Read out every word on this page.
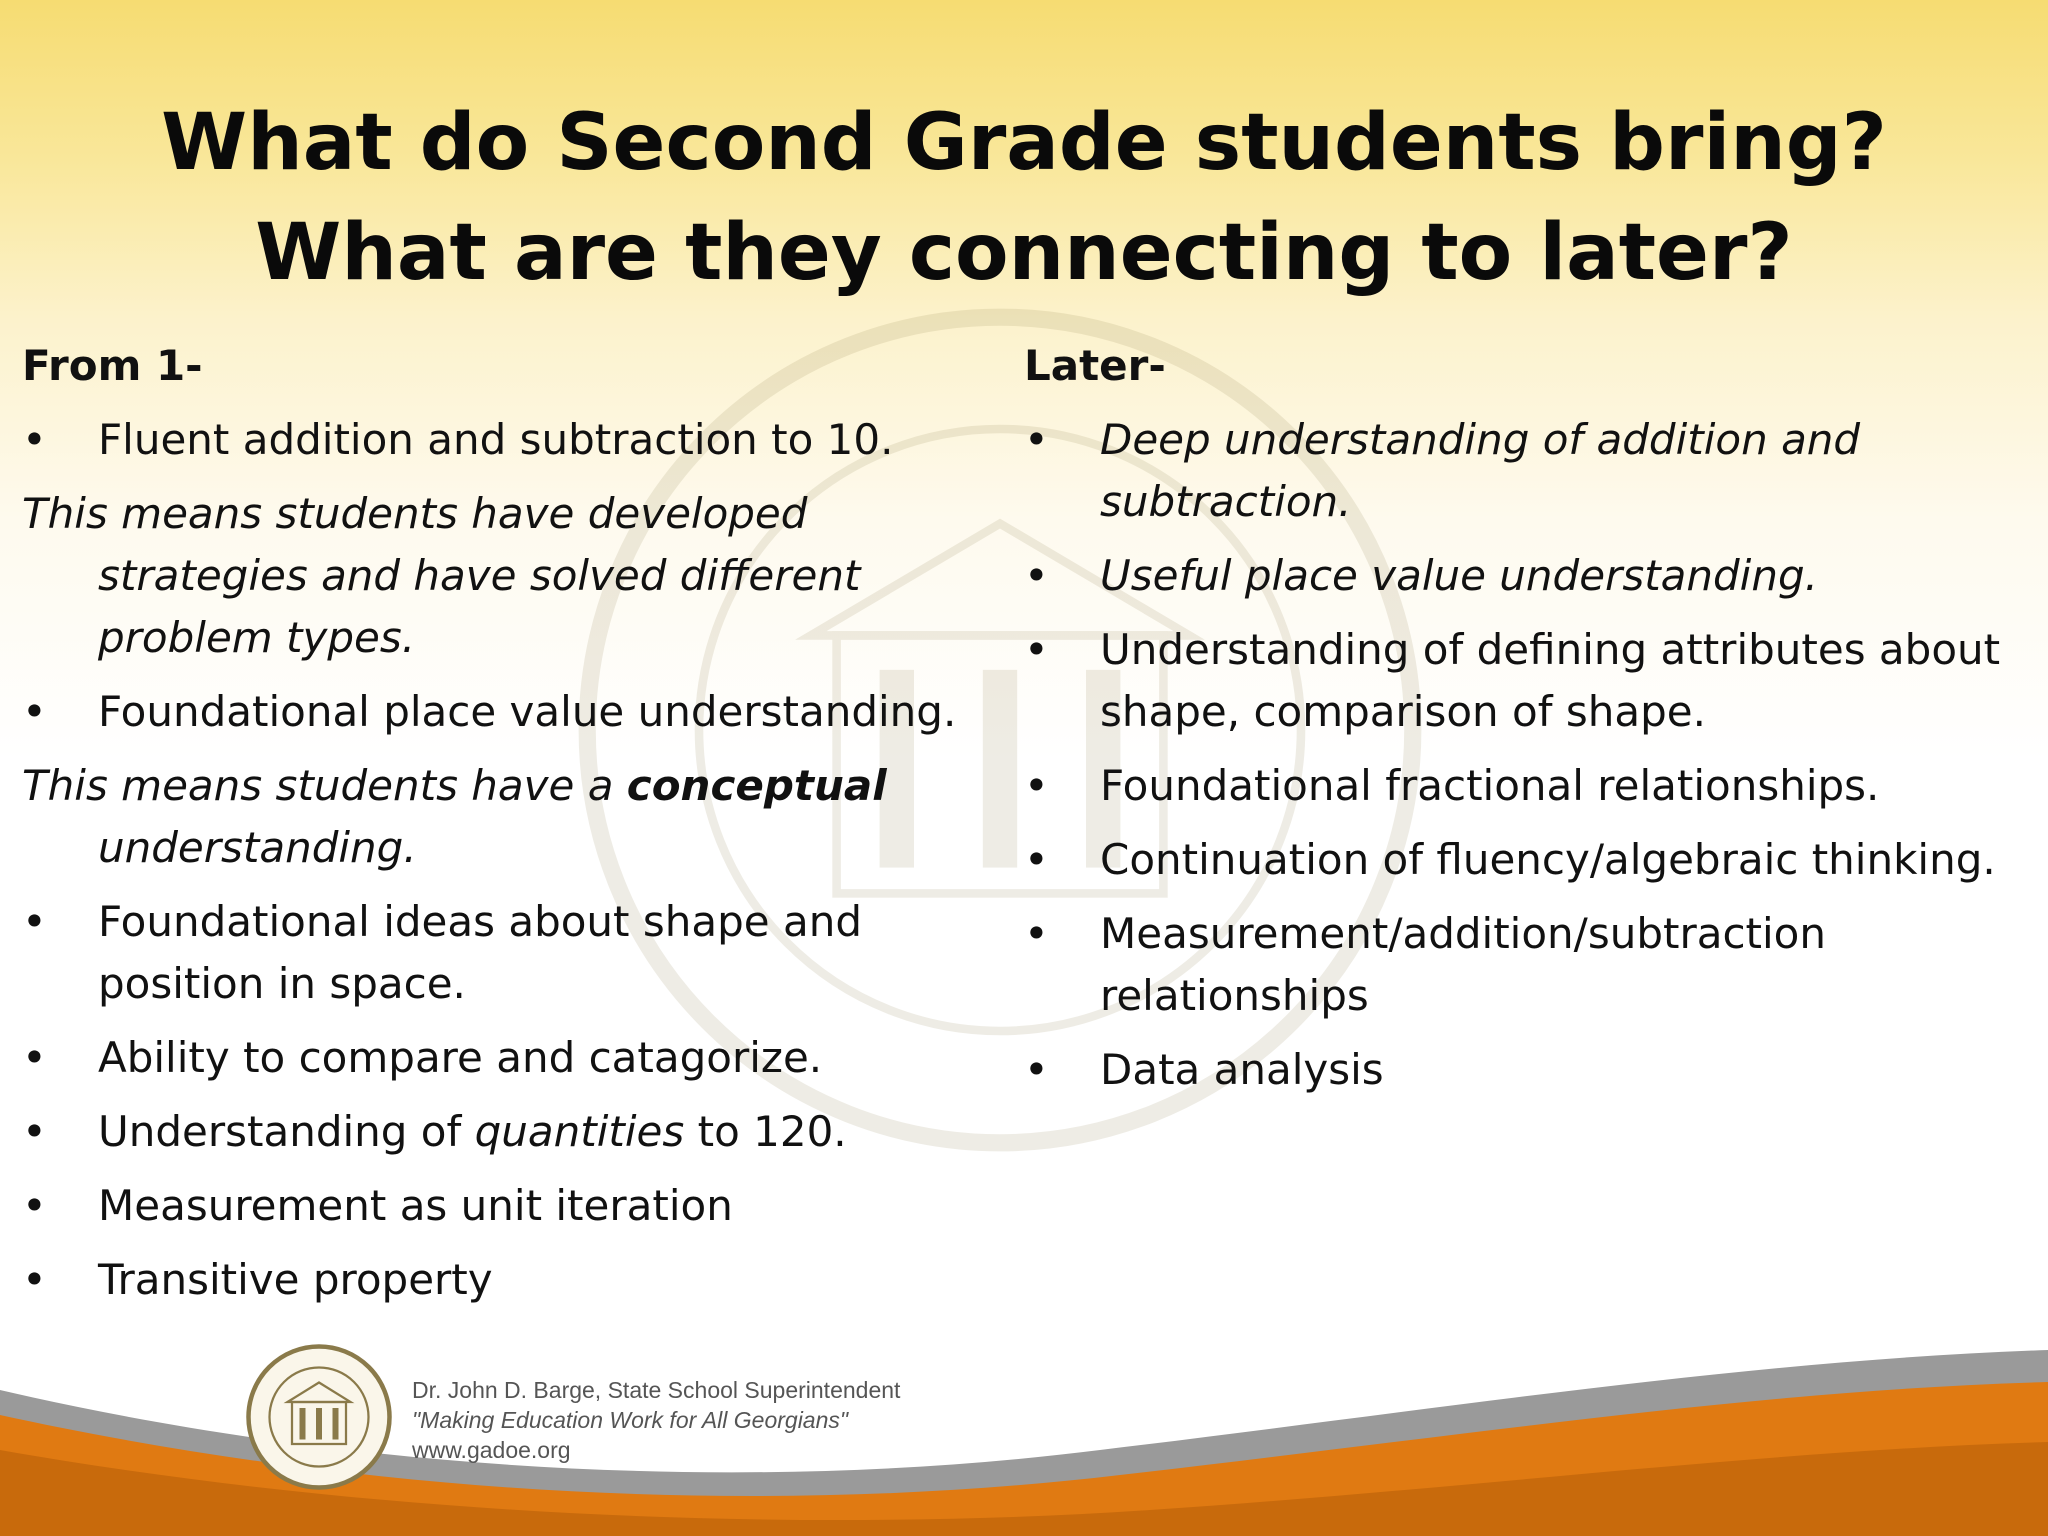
What do Second Grade students bring?
What are they connecting to later?
From 1-
• Fluent addition and subtraction to 10.
This means students have developed strategies and have solved different problem types.
• Foundational place value understanding.
This means students have a conceptual understanding.
• Foundational ideas about shape and position in space.
• Ability to compare and catagorize.
• Understanding of quantities to 120.
• Measurement as unit iteration
• Transitive property
Later-
• Deep understanding of addition and subtraction.
• Useful place value understanding.
• Understanding of defining attributes about shape, comparison of shape.
• Foundational fractional relationships.
• Continuation of fluency/algebraic thinking.
• Measurement/addition/subtraction relationships
• Data analysis
Dr. John D. Barge, State School Superintendent
"Making Education Work for All Georgians"
www.gadoe.org
